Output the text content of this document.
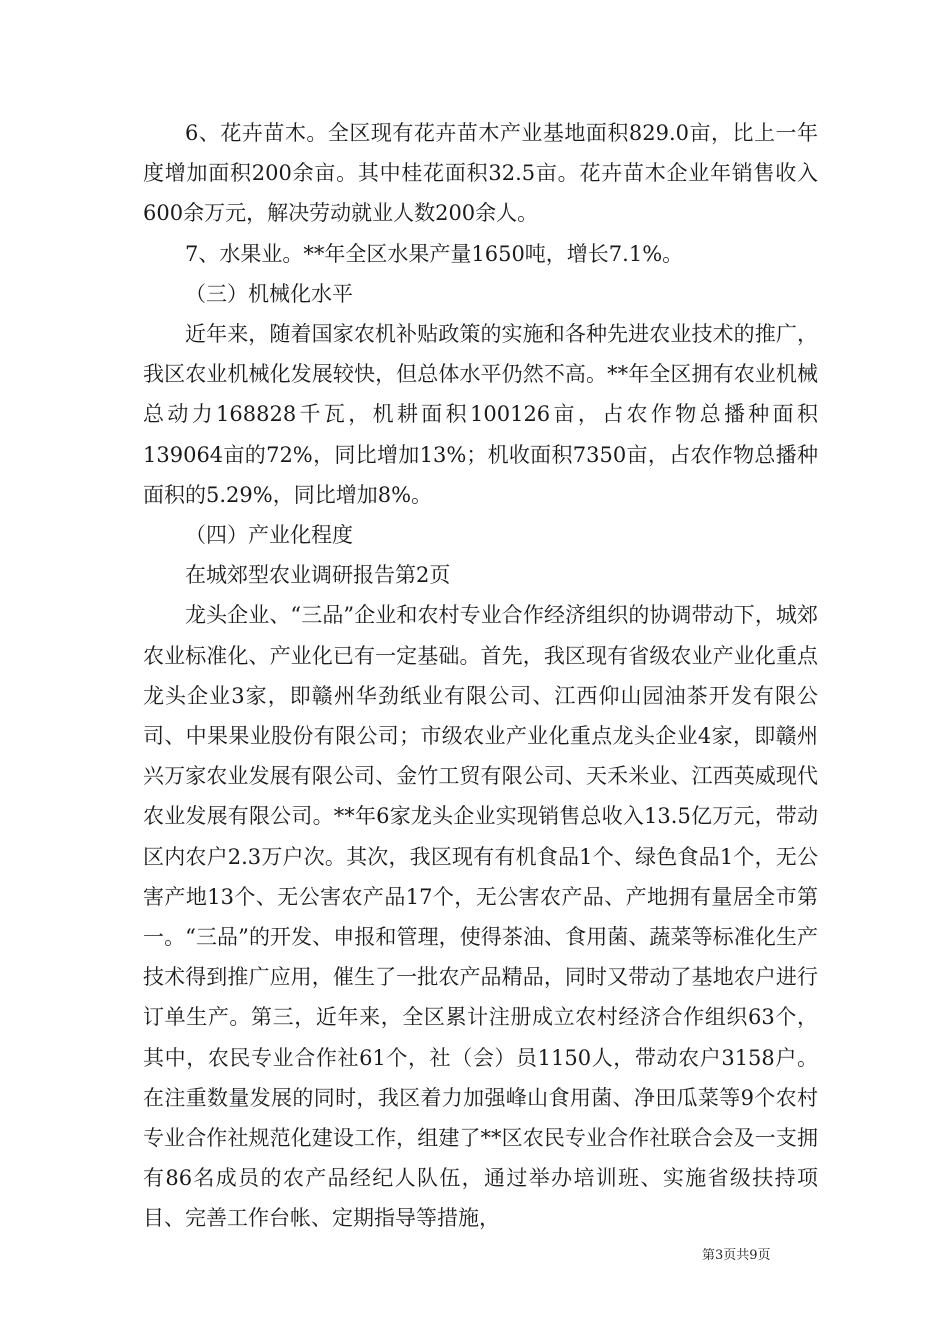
6、花卉苗木。全区现有花卉苗木产业基地面积829.0亩，比上一年度增加面积200余亩。其中桂花面积32.5亩。花卉苗木企业年销售收入600余万元，解决劳动就业人数200余人。

7、水果业。**年全区水果产量1650吨，增长7.1%。

（三）机械化水平

近年来，随着国家农机补贴政策的实施和各种先进农业技术的推广，我区农业机械化发展较快，但总体水平仍然不高。**年全区拥有农业机械总动力168828千瓦，机耕面积100126亩，占农作物总播种面积139064亩的72%，同比增加13%；机收面积7350亩，占农作物总播种面积的5.29%，同比增加8%。

（四）产业化程度

在城郊型农业调研报告第2页

龙头企业、“三品”企业和农村专业合作经济组织的协调带动下，城郊农业标准化、产业化已有一定基础。首先，我区现有省级农业产业化重点龙头企业3家，即赣州华劲纸业有限公司、江西仰山园油茶开发有限公司、中果果业股份有限公司；市级农业产业化重点龙头企业4家，即赣州兴万家农业发展有限公司、金竹工贸有限公司、天禾米业、江西英威现代农业发展有限公司。**年6家龙头企业实现销售总收入13.5亿万元，带动区内农户2.3万户次。其次，我区现有有机食品1个、绿色食品1个，无公害产地13个、无公害农产品17个，无公害农产品、产地拥有量居全市第一。“三品”的开发、申报和管理，使得茶油、食用菌、蔬菜等标准化生产技术得到推广应用，催生了一批农产品精品，同时又带动了基地农户进行订单生产。第三，近年来，全区累计注册成立农村经济合作组织63个，其中，农民专业合作社61个，社（会）员1150人，带动农户3158户。在注重数量发展的同时，我区着力加强峰山食用菌、净田瓜菜等9个农村专业合作社规范化建设工作，组建了**区农民专业合作社联合会及一支拥有86名成员的农产品经纪人队伍，通过举办培训班、实施省级扶持项目、完善工作台帐、定期指导等措施，

第3页共9页
